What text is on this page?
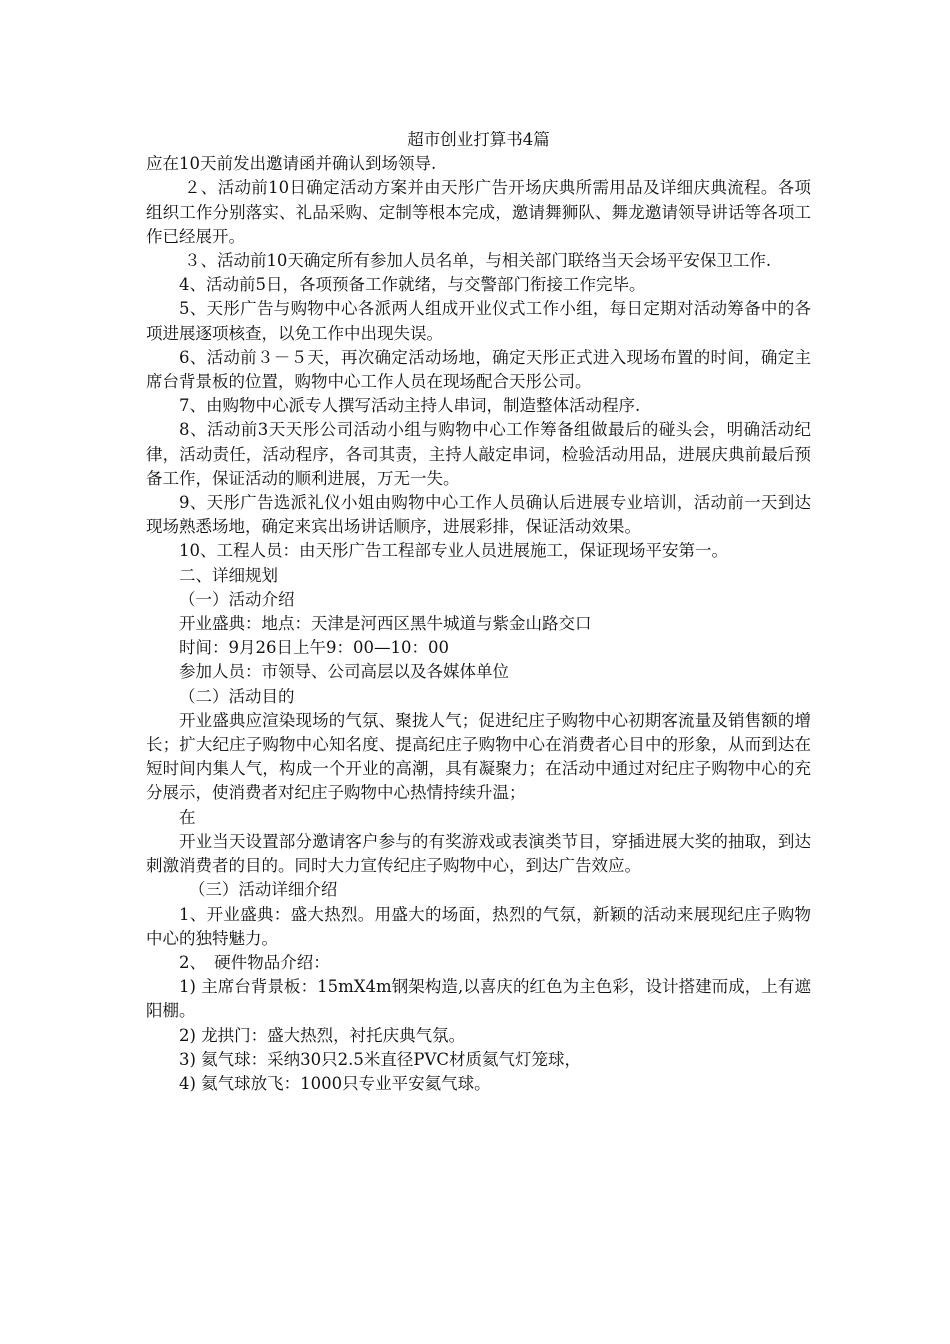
超市创业打算书4篇

应在10天前发出邀请函并确认到场领导.

２、活动前10日确定活动方案并由天彤广告开场庆典所需用品及详细庆典流程。各项组织工作分别落实、礼品采购、定制等根本完成，邀请舞狮队、舞龙邀请领导讲话等各项工作已经展开。

３、活动前10天确定所有参加人员名单，与相关部门联络当天会场平安保卫工作.

4、活动前5日，各项预备工作就绪，与交警部门衔接工作完毕。

5、天彤广告与购物中心各派两人组成开业仪式工作小组，每日定期对活动筹备中的各项进展逐项核查，以免工作中出现失误。

6、活动前３－５天，再次确定活动场地，确定天彤正式进入现场布置的时间，确定主席台背景板的位置，购物中心工作人员在现场配合天彤公司。

7、由购物中心派专人撰写活动主持人串词，制造整体活动程序.

8、活动前3天天彤公司活动小组与购物中心工作筹备组做最后的碰头会，明确活动纪律，活动责任，活动程序，各司其责，主持人敲定串词，检验活动用品，进展庆典前最后预备工作，保证活动的顺利进展，万无一失。

9、天彤广告选派礼仪小姐由购物中心工作人员确认后进展专业培训，活动前一天到达现场熟悉场地，确定来宾出场讲话顺序，进展彩排，保证活动效果。

10、工程人员：由天彤广告工程部专业人员进展施工，保证现场平安第一。

二、详细规划

（一）活动介绍

开业盛典：地点：天津是河西区黑牛城道与紫金山路交口

时间：9月26日上午9：00—10：00

参加人员：市领导、公司高层以及各媒体单位

（二）活动目的

开业盛典应渲染现场的气氛、聚拢人气；促进纪庄子购物中心初期客流量及销售额的增长；扩大纪庄子购物中心知名度、提高纪庄子购物中心在消费者心目中的形象，从而到达在短时间内集人气，构成一个开业的高潮，具有凝聚力；在活动中通过对纪庄子购物中心的充分展示，使消费者对纪庄子购物中心热情持续升温；

在

开业当天设置部分邀请客户参与的有奖游戏或表演类节目，穿插进展大奖的抽取，到达刺激消费者的目的。同时大力宣传纪庄子购物中心，到达广告效应。

（三）活动详细介绍

1、开业盛典：盛大热烈。用盛大的场面，热烈的气氛，新颖的活动来展现纪庄子购物中心的独特魅力。

2、　硬件物品介绍：

1) 主席台背景板：15mX4m钢架构造,以喜庆的红色为主色彩，设计搭建而成，上有遮阳棚。

2) 龙拱门：盛大热烈，衬托庆典气氛。

3) 氦气球：采纳30只2.5米直径PVC材质氦气灯笼球，

4) 氦气球放飞：1000只专业平安氦气球。
